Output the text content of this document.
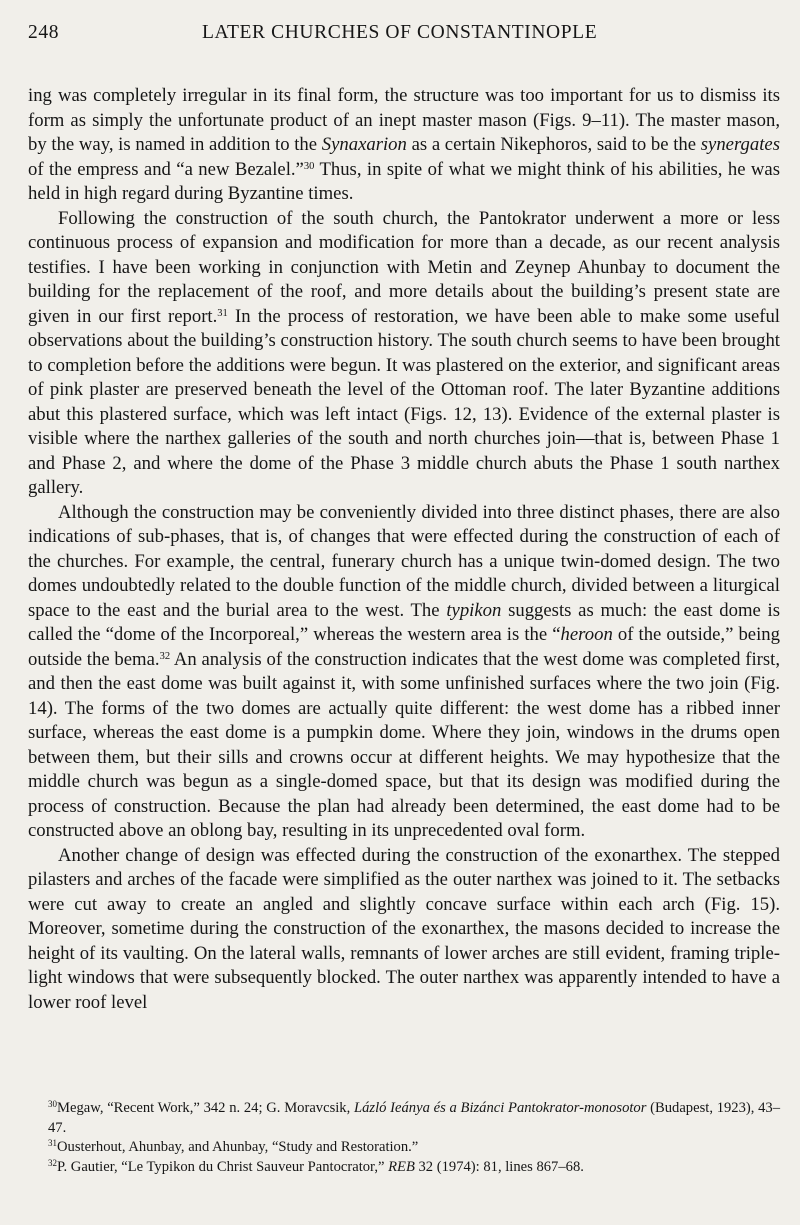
248	LATER CHURCHES OF CONSTANTINOPLE

ing was completely irregular in its final form, the structure was too important for us to dismiss its form as simply the unfortunate product of an inept master mason (Figs. 9–11). The master mason, by the way, is named in addition to the Synaxarion as a certain Nikephoros, said to be the synergates of the empress and “a new Bezalel.”$^{30}$ Thus, in spite of what we might think of his abilities, he was held in high regard during Byzantine times.

Following the construction of the south church, the Pantokrator underwent a more or less continuous process of expansion and modification for more than a decade, as our recent analysis testifies. I have been working in conjunction with Metin and Zeynep Ahunbay to document the building for the replacement of the roof, and more details about the building’s present state are given in our first report.$^{31}$ In the process of restoration, we have been able to make some useful observations about the building’s construction history. The south church seems to have been brought to completion before the additions were begun. It was plastered on the exterior, and significant areas of pink plaster are preserved beneath the level of the Ottoman roof. The later Byzantine additions abut this plastered surface, which was left intact (Figs. 12, 13). Evidence of the external plaster is visible where the narthex galleries of the south and north churches join—that is, between Phase 1 and Phase 2, and where the dome of the Phase 3 middle church abuts the Phase 1 south narthex gallery.

Although the construction may be conveniently divided into three distinct phases, there are also indications of sub-phases, that is, of changes that were effected during the construction of each of the churches. For example, the central, funerary church has a unique twin-domed design. The two domes undoubtedly related to the double function of the middle church, divided between a liturgical space to the east and the burial area to the west. The typikon suggests as much: the east dome is called the “dome of the Incorporeal,” whereas the western area is the “heroon of the outside,” being outside the bema.$^{32}$ An analysis of the construction indicates that the west dome was completed first, and then the east dome was built against it, with some unfinished surfaces where the two join (Fig. 14). The forms of the two domes are actually quite different: the west dome has a ribbed inner surface, whereas the east dome is a pumpkin dome. Where they join, windows in the drums open between them, but their sills and crowns occur at different heights. We may hypothesize that the middle church was begun as a single-domed space, but that its design was modified during the process of construction. Because the plan had already been determined, the east dome had to be constructed above an oblong bay, resulting in its unprecedented oval form.

Another change of design was effected during the construction of the exonarthex. The stepped pilasters and arches of the facade were simplified as the outer narthex was joined to it. The setbacks were cut away to create an angled and slightly concave surface within each arch (Fig. 15). Moreover, sometime during the construction of the exonarthex, the masons decided to increase the height of its vaulting. On the lateral walls, remnants of lower arches are still evident, framing triple-light windows that were subsequently blocked. The outer narthex was apparently intended to have a lower roof level

$^{30}$Megaw, “Recent Work,” 342 n. 24; G. Moravcsik, Lázló Ieánya és a Bizánci Pantokrator-monosotor (Budapest, 1923), 43–47.

$^{31}$Ousterhout, Ahunbay, and Ahunbay, “Study and Restoration.”

$^{32}$P. Gautier, “Le Typikon du Christ Sauveur Pantocrator,” REB 32 (1974): 81, lines 867–68.
